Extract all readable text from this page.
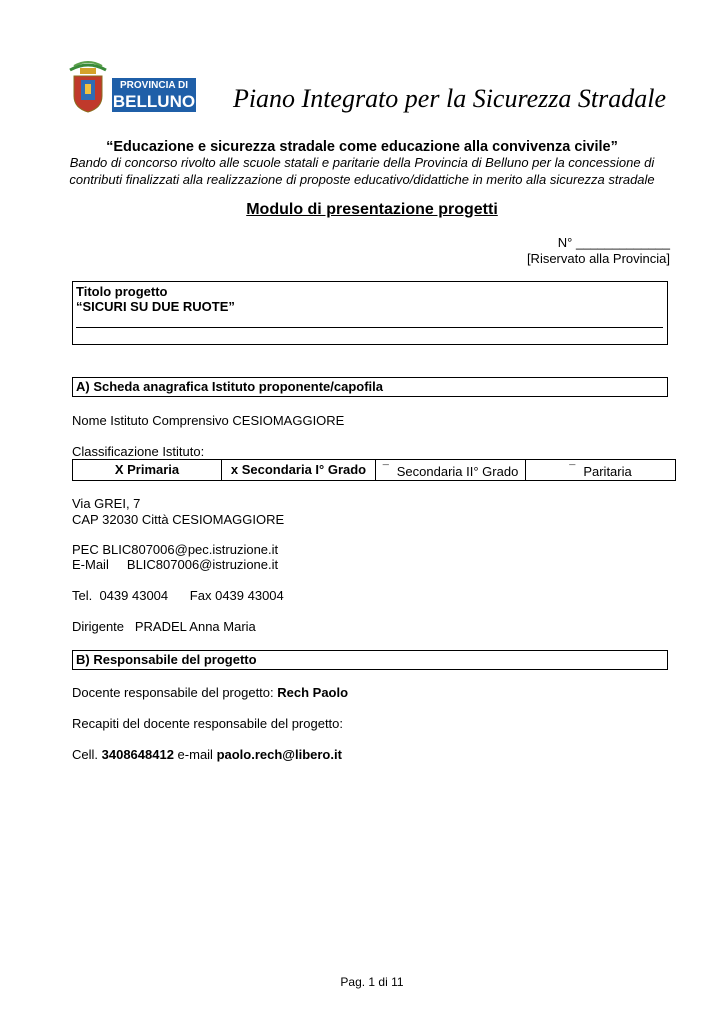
PROVINCIA DI
BELLUNO Piano Integrato per la Sicurezza Stradale
“Educazione e sicurezza stradale come educazione alla convivenza civile”
Bando di concorso rivolto alle scuole statali e paritarie della Provincia di Belluno per la concessione di contributi finalizzati alla realizzazione di proposte educativo/didattiche in merito alla sicurezza stradale
Modulo di presentazione progetti
N° _____________
[Riservato alla Provincia]
Titolo progetto
“SICURI SU DUE RUOTE”
A) Scheda anagrafica Istituto proponente/capofila
Nome Istituto Comprensivo CESIOMAGGIORE
Classificazione Istituto:
X Primaria	x Secondaria I° Grado	¯ Secondaria II° Grado	¯ Paritaria
Via GREI, 7
CAP 32030 Città CESIOMAGGIORE
PEC BLIC807006@pec.istruzione.it
E-Mail     BLIC807006@istruzione.it
Tel.  0439 43004      Fax 0439 43004
Dirigente   PRADEL Anna Maria
B) Responsabile del progetto
Docente responsabile del progetto: Rech Paolo
Recapiti del docente responsabile del progetto:
Cell. 3408648412 e-mail paolo.rech@libero.it
Pag. 1 di 11
